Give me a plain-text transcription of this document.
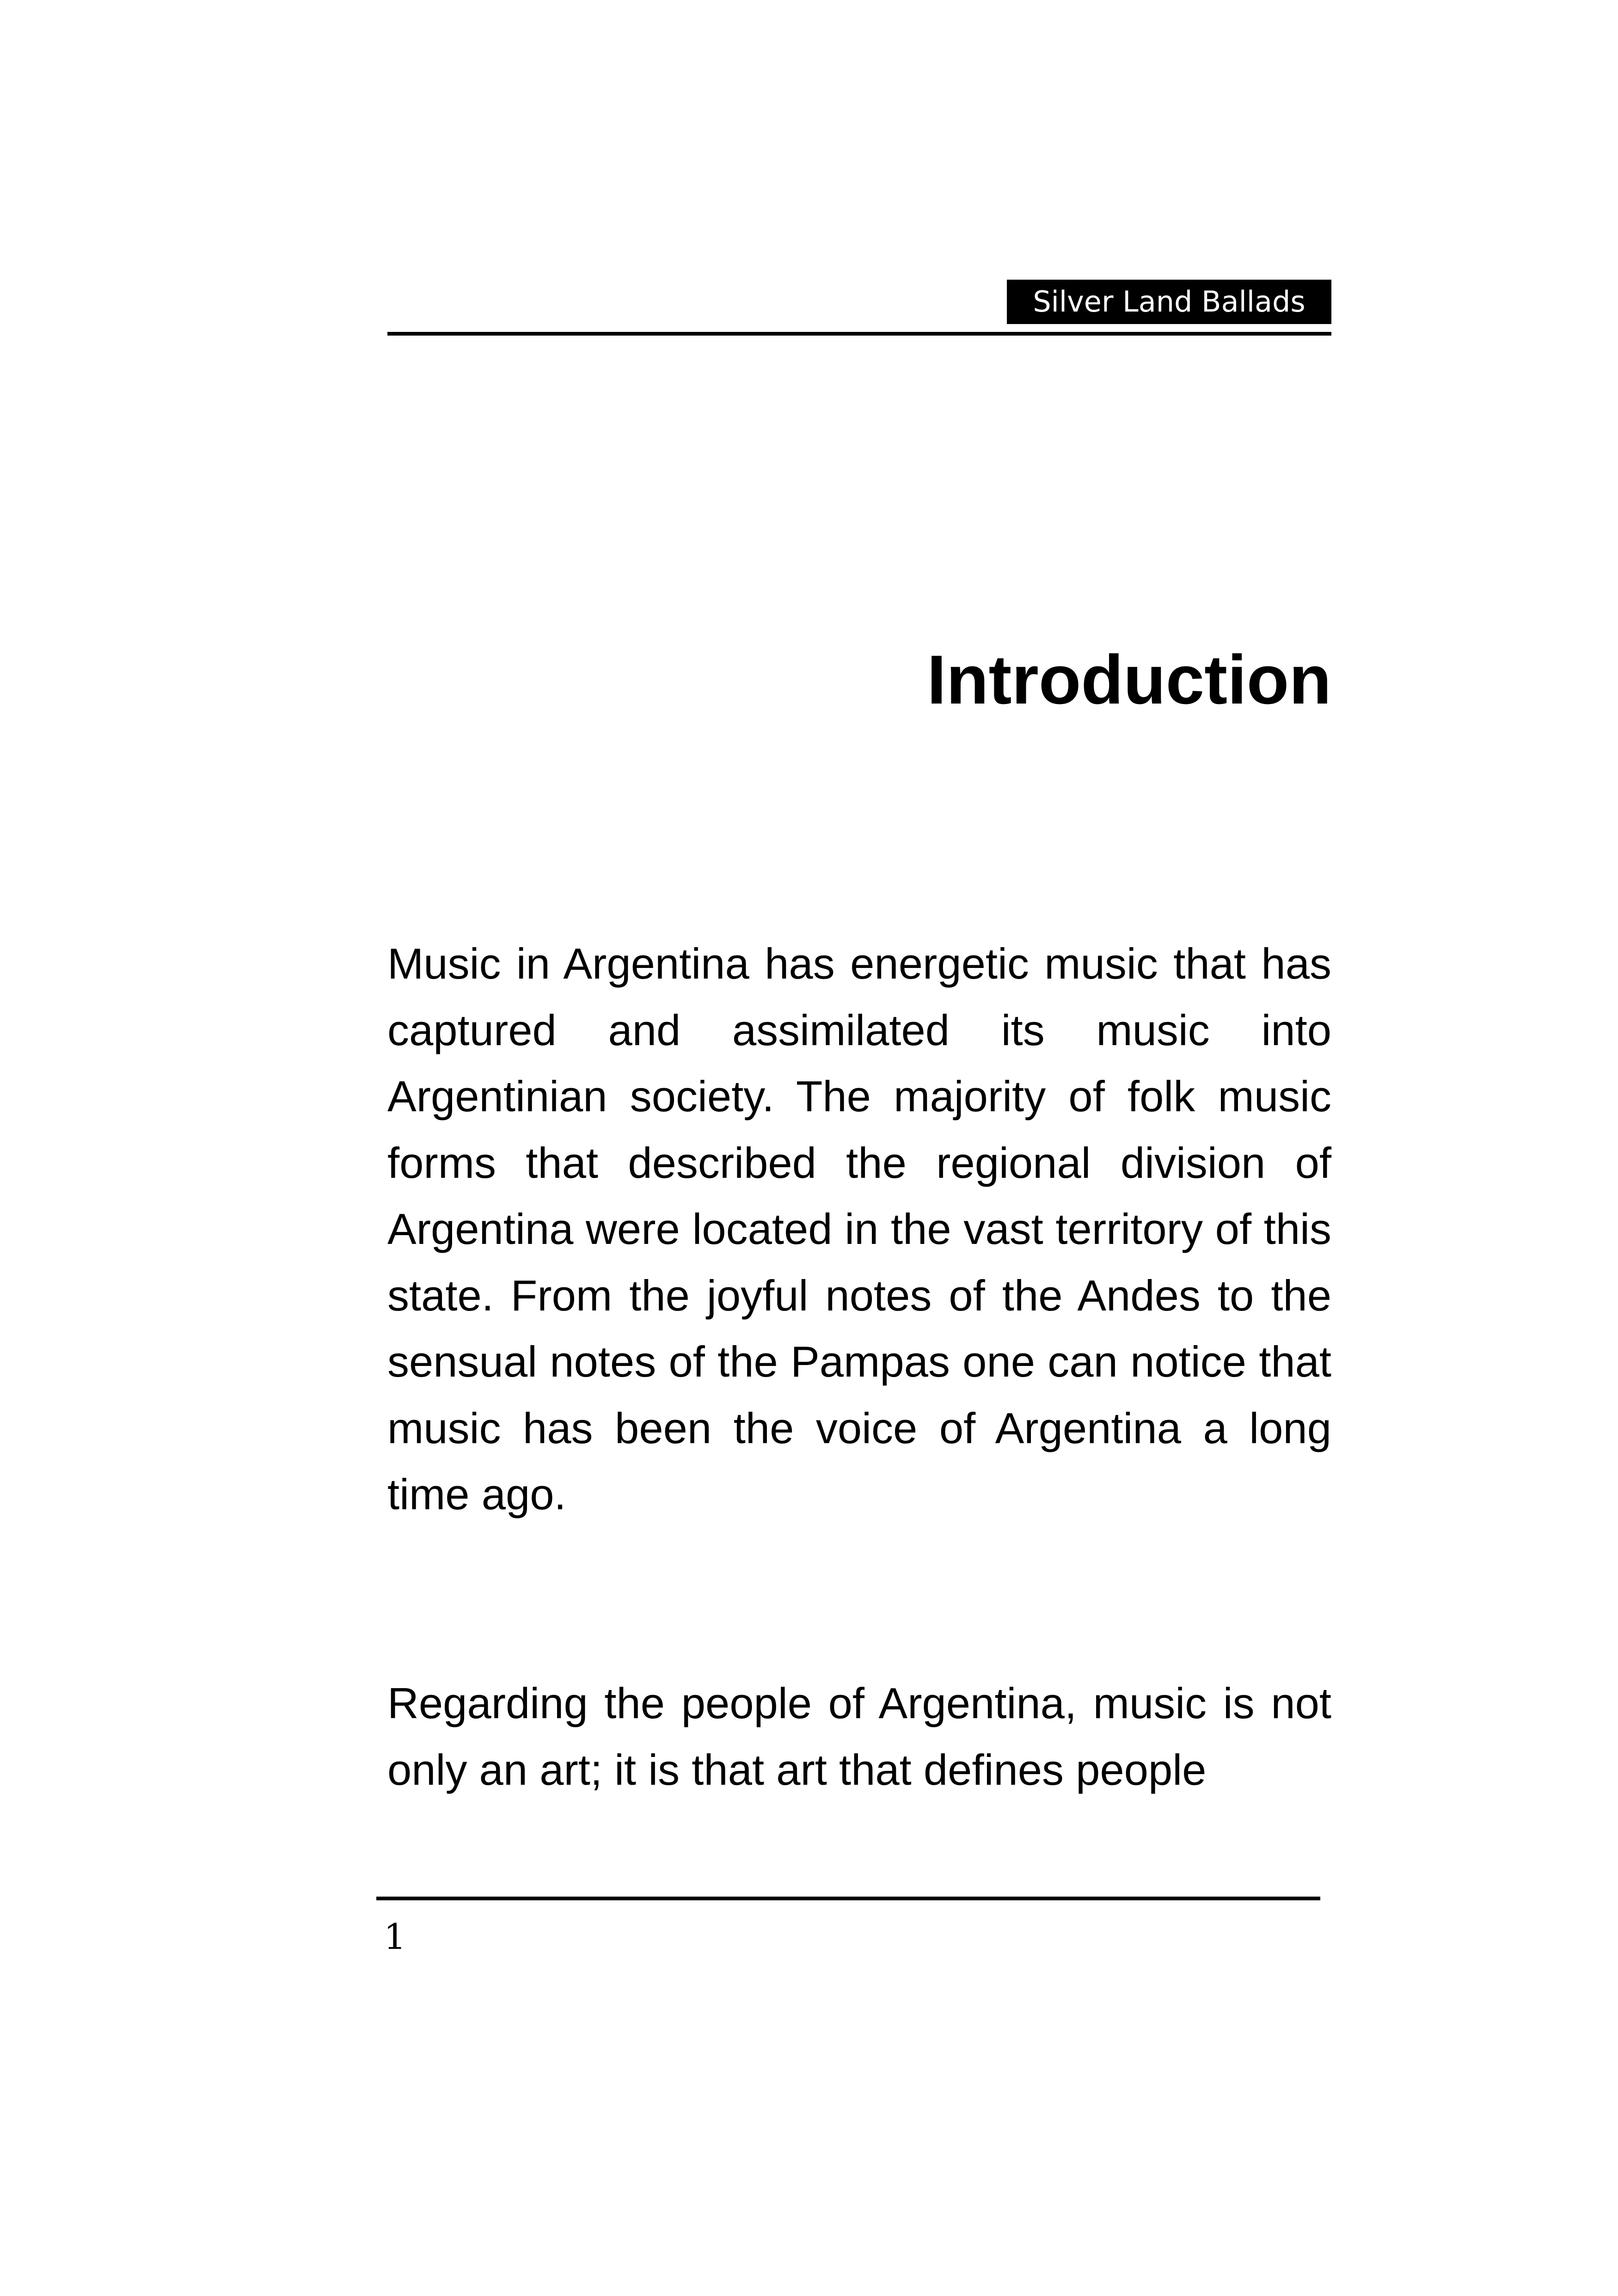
Silver Land Ballads
Introduction

Music in Argentina has energetic music that has captured and assimilated its music into Argentinian society. The majority of folk music forms that described the regional division of Argentina were located in the vast territory of this state. From the joyful notes of the Andes to the sensual notes of the Pampas one can notice that music has been the voice of Argentina a long time ago.

Regarding the people of Argentina, music is not only an art; it is that art that defines people

1
